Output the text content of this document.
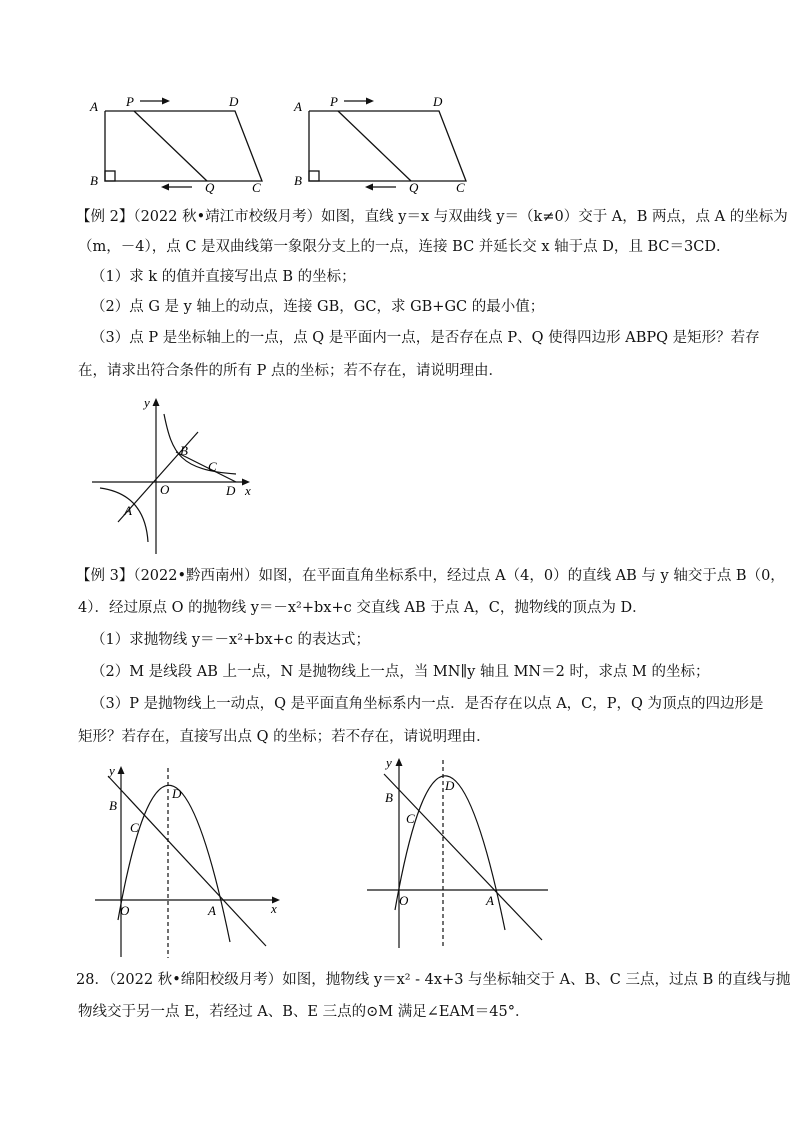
A P	D
B	Q	C
A P	D
B	Q	C
【例 2】（2022 秋•靖江市校级月考）如图，直线 y＝x 与双曲线 y＝（k≠0）交于 A，B 两点，点 A 的坐标为
（m，－4），点 C 是双曲线第一象限分支上的一点，连接 BC 并延长交 x 轴于点 D，且 BC＝3CD．
（1）求 k 的值并直接写出点 B 的坐标；
（2）点 G 是 y 轴上的动点，连接 GB，GC，求 GB+GC 的最小值；
（3）点 P 是坐标轴上的一点，点 Q 是平面内一点，是否存在点 P、Q 使得四边形 ABPQ 是矩形？若存
在，请求出符合条件的所有 P 点的坐标；若不存在，请说明理由．
y
x
O
A
B
C
D
【例 3】（2022•黔西南州）如图，在平面直角坐标系中，经过点 A（4，0）的直线 AB 与 y 轴交于点 B（0，
4）．经过原点 O 的抛物线 y＝－x²+bx+c 交直线 AB 于点 A，C，抛物线的顶点为 D．
（1）求抛物线 y＝－x²+bx+c 的表达式；
（2）M 是线段 AB 上一点，N 是抛物线上一点，当 MN∥y 轴且 MN＝2 时，求点 M 的坐标；
（3）P 是抛物线上一动点，Q 是平面直角坐标系内一点．是否存在以点 A，C，P，Q 为顶点的四边形是
矩形？若存在，直接写出点 Q 的坐标；若不存在，请说明理由．
y
x
O	A
B
C
D
y
O	A
B
C
D
28．（2022 秋•绵阳校级月考）如图，抛物线 y＝x² - 4x+3 与坐标轴交于 A、B、C 三点，过点 B 的直线与抛
物线交于另一点 E，若经过 A、B、E 三点的⊙M 满足∠EAM＝45°．
